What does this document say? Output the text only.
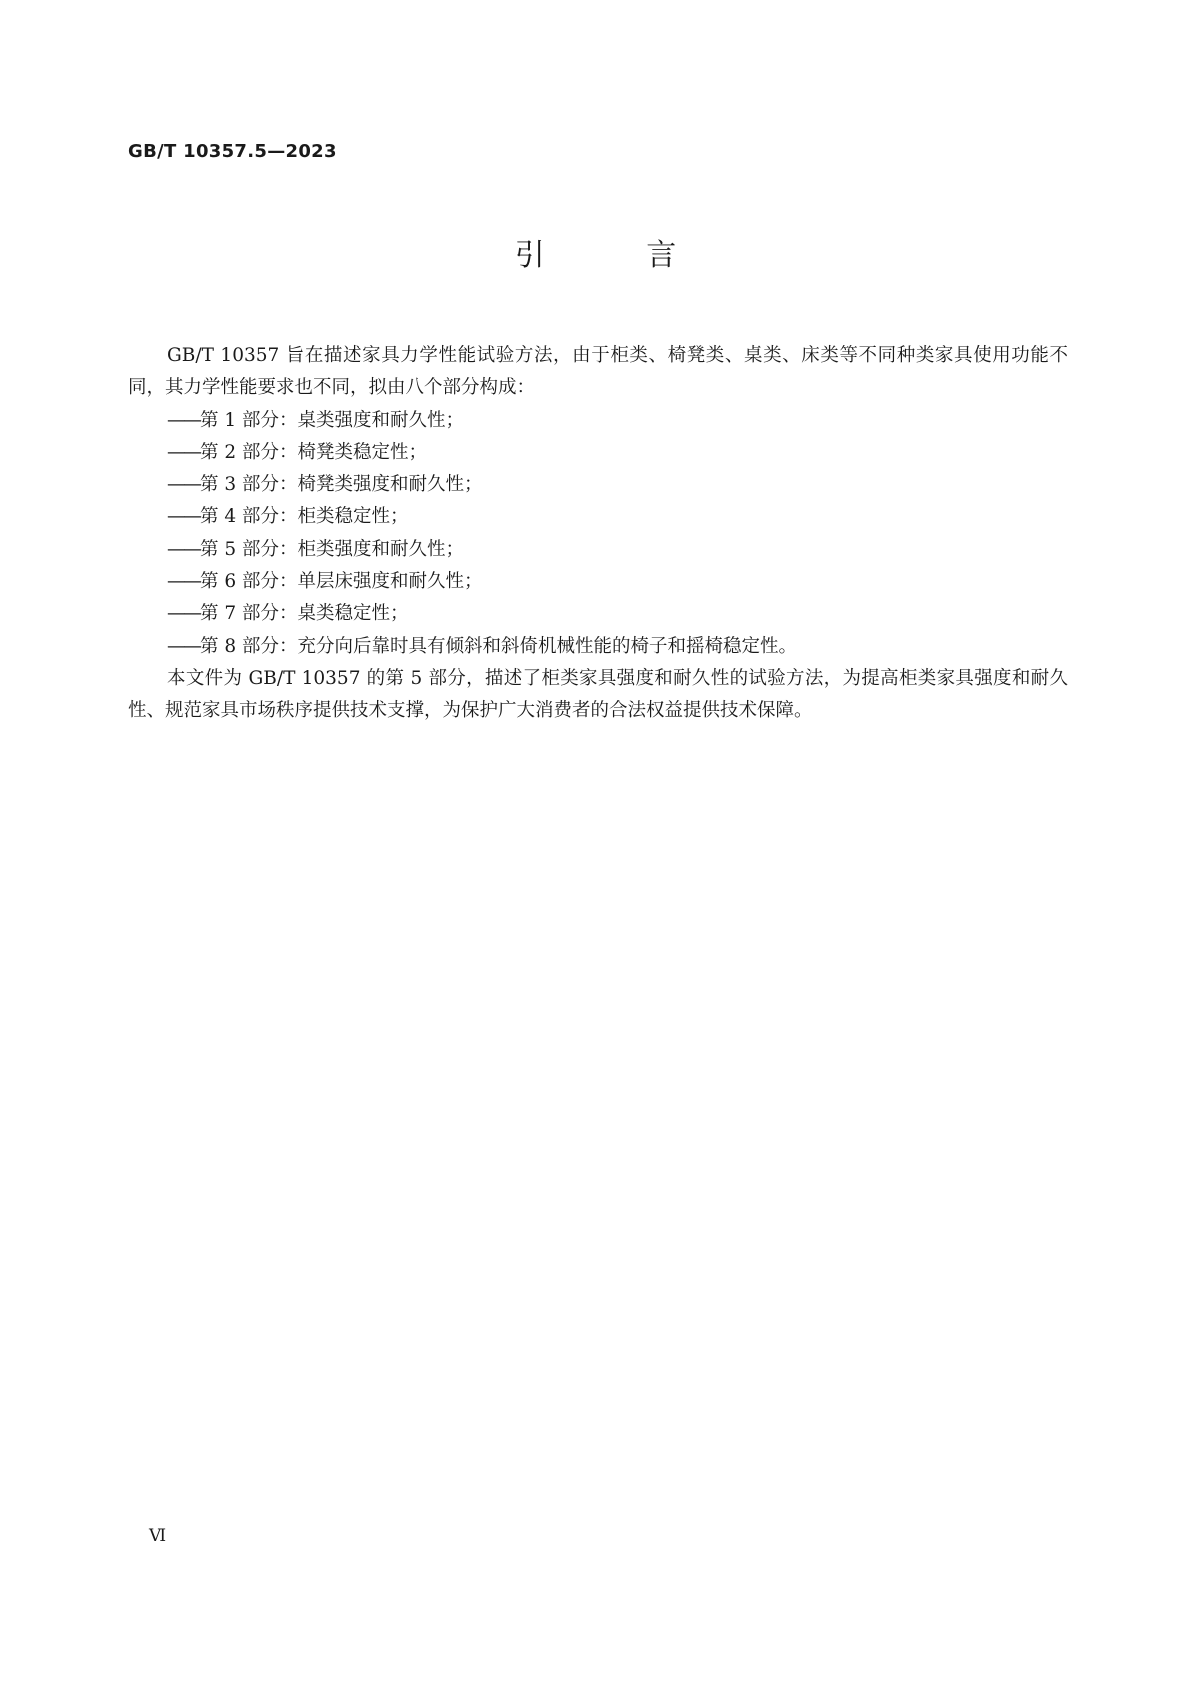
GB/T 10357.5—2023
引 言

GB/T 10357 旨在描述家具力学性能试验方法，由于柜类、椅凳类、桌类、床类等不同种类家具使用功能不同，其力学性能要求也不同，拟由八个部分构成：

——第 1 部分：桌类强度和耐久性；
——第 2 部分：椅凳类稳定性；
——第 3 部分：椅凳类强度和耐久性；
——第 4 部分：柜类稳定性；
——第 5 部分：柜类强度和耐久性；
——第 6 部分：单层床强度和耐久性；
——第 7 部分：桌类稳定性；
——第 8 部分：充分向后靠时具有倾斜和斜倚机械性能的椅子和摇椅稳定性。

本文件为 GB/T 10357 的第 5 部分，描述了柜类家具强度和耐久性的试验方法，为提高柜类家具强度和耐久性、规范家具市场秩序提供技术支撑，为保护广大消费者的合法权益提供技术保障。

Ⅵ
